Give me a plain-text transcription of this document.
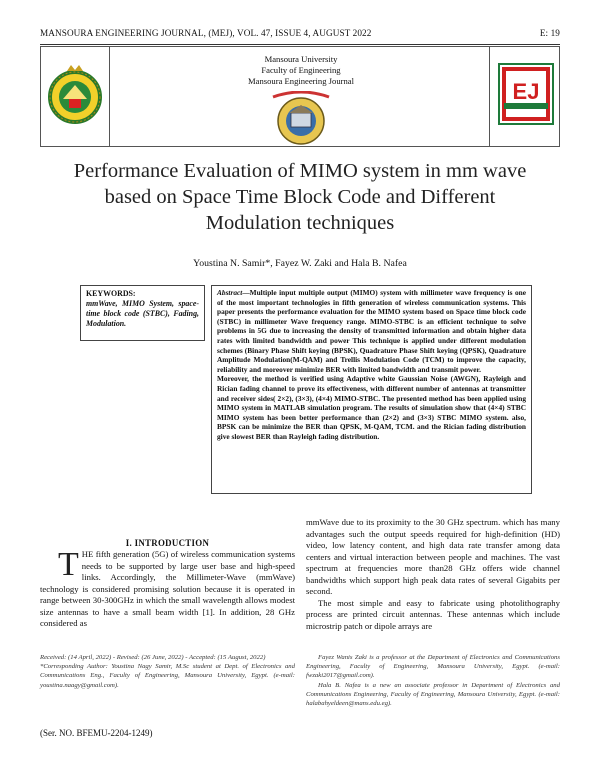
MANSOURA ENGINEERING JOURNAL, (MEJ), VOL. 47, ISSUE 4, AUGUST 2022	E: 19
Mansoura University
Faculty of Engineering
Mansoura Engineering Journal	EJ
Performance Evaluation of MIMO system in mm wave based on Space Time Block Code and Different Modulation techniques
Youstina N. Samir*, Fayez W. Zaki and Hala B. Nafea
KEYWORDS:
mmWave, MIMO System, space-time block code (STBC), Fading, Modulation.

Abstract—Multiple input multiple output (MIMO) system with millimeter wave frequency is one of the most important technologies in fifth generation of wireless communication systems. This paper presents the performance evaluation for the MIMO system based on Space time block code (STBC) in millimeter Wave frequency range. MIMO-STBC is an efficient technique to solve problems in 5G due to increasing the density of transmitted information and obtain higher data rates with limited bandwidth and power This technique is applied under different modulation schemes (Binary Phase Shift keying (BPSK), Quadrature Phase Shift keying (QPSK), Quadrature Amplitude Modulation(M-QAM) and Trellis Modulation Code (TCM) to improve the capacity, reliability and moreover minimize BER with limited bandwidth and transmit power.

Moreover, the method is verified using Adaptive white Gaussian Noise (AWGN), Rayleigh and Rician fading channel to prove its effectiveness, with different number of antennas at transmitter and receiver sides( 2×2), (3×3), (4×4) MIMO-STBC. The presented method has been applied using MIMO system in MATLAB simulation program. The results of simulation show that (4×4) STBC MIMO system has been better performance than (2×2) and (3×3) STBC MIMO system. also, BPSK can be minimize the BER than QPSK, M-QAM, TCM. and the Rician fading distribution give slowest BER than Rayleigh fading distribution.

I. INTRODUCTION

THE fifth generation (5G) of wireless communication systems needs to be supported by large user base and high-speed links. Accordingly, the Millimeter-Wave (mmWave) technology is considered promising solution because it is operated in range between 30-300GHz in which the small wavelength allows modest size antennas to have a small beam width [1]. In addition, 28 GHz considered as

mmWave due to its proximity to the 30 GHz spectrum. which has many advantages such the output speeds required for high-definition (HD) video, low latency content, and high data rate transfer among data centers and virtual interaction between people and machines. The vast spectrum at frequencies more than28 GHz offers wide channel bandwidths which support high peak data rates of several Gigabits per second.

The most simple and easy to fabricate using photolithography process are printed circuit antennas. These antennas which include microstrip patch or dipole arrays are

Received: (14 April, 2022) - Revised: (26 June, 2022) - Accepted: (15 August, 2022)

*Corresponding Author: Youstina Nagy Samir, M.Sc student at Dept. of Electronics and Communications Eng., Faculty of Engineering, Mansoura University, Egypt. (e-mail: youstina.naagy@gmail.com).

Fayez Wanis Zaki is a professor at the Department of Electronics and Communications Engineering, Faculty of Engineering, Mansoura University, Egypt. (e-mail: fwzaki2017@gmail.com).

Hala B. Nafea is a new an associate professor in Department of Electronics and Communications Engineering, Faculty of Engineering, Mansoura University, Egypt. (e-mail: halabahyeldeen@mans.edu.eg).

(Ser. NO. BFEMU-2204-1249)
